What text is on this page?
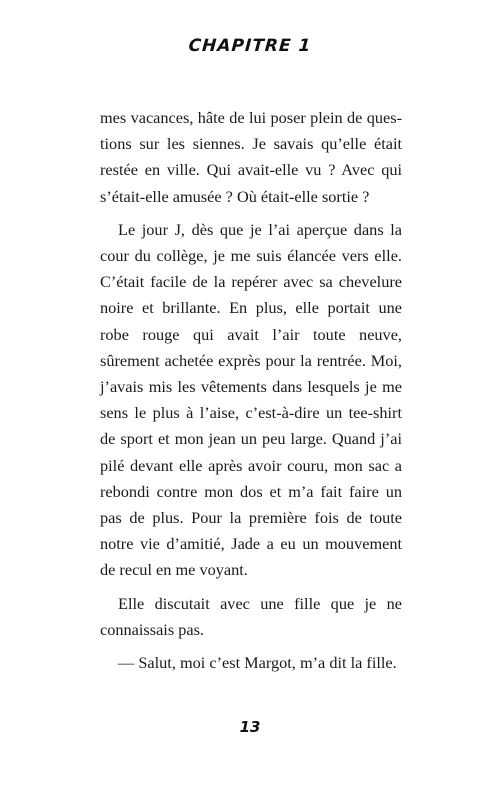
CHAPITRE 1

mes vacances, hâte de lui poser plein de questions sur les siennes. Je savais qu’elle était restée en ville. Qui avait-elle vu ? Avec qui s’était-elle amusée ? Où était-elle sortie ?

Le jour J, dès que je l’ai aperçue dans la cour du collège, je me suis élancée vers elle. C’était facile de la repérer avec sa chevelure noire et brillante. En plus, elle portait une robe rouge qui avait l’air toute neuve, sûrement achetée exprès pour la rentrée. Moi, j’avais mis les vêtements dans lesquels je me sens le plus à l’aise, c’est-à-dire un tee-shirt de sport et mon jean un peu large. Quand j’ai pilé devant elle après avoir couru, mon sac a rebondi contre mon dos et m’a fait faire un pas de plus. Pour la première fois de toute notre vie d’amitié, Jade a eu un mouvement de recul en me voyant.

Elle discutait avec une fille que je ne connaissais pas.

— Salut, moi c’est Margot, m’a dit la fille.

13
